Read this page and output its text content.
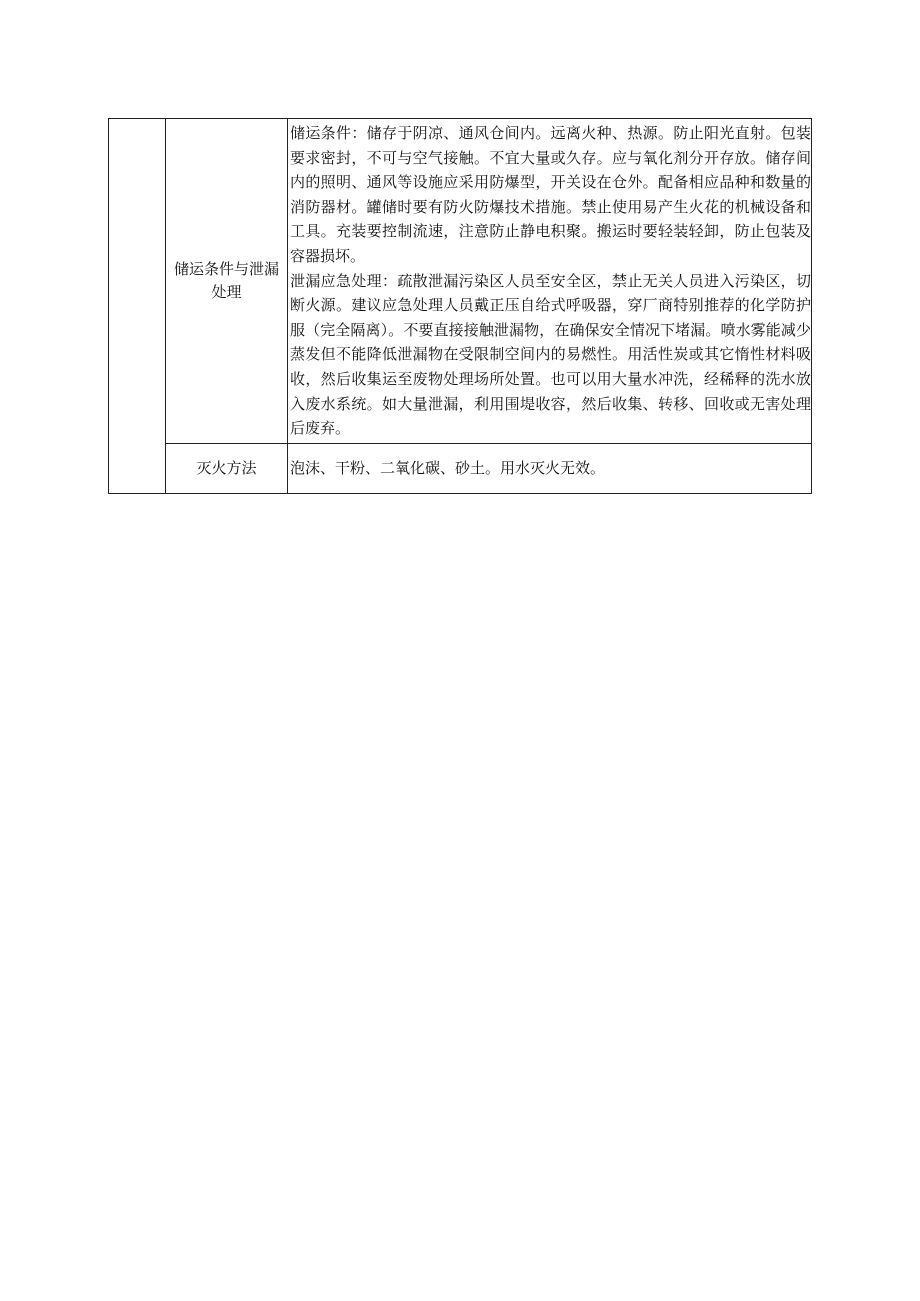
	储运条件与泄漏处理	储运条件：储存于阴凉、通风仓间内。远离火种、热源。防止阳光直射。包装要求密封，不可与空气接触。不宜大量或久存。应与氧化剂分开存放。储存间内的照明、通风等设施应采用防爆型，开关设在仓外。配备相应品种和数量的消防器材。罐储时要有防火防爆技术措施。禁止使用易产生火花的机械设备和工具。充装要控制流速，注意防止静电积聚。搬运时要轻装轻卸，防止包装及容器损坏。
泄漏应急处理：疏散泄漏污染区人员至安全区，禁止无关人员进入污染区，切断火源。建议应急处理人员戴正压自给式呼吸器，穿厂商特别推荐的化学防护服（完全隔离）。不要直接接触泄漏物，在确保安全情况下堵漏。喷水雾能减少蒸发但不能降低泄漏物在受限制空间内的易燃性。用活性炭或其它惰性材料吸收，然后收集运至废物处理场所处置。也可以用大量水冲洗，经稀释的洗水放入废水系统。如大量泄漏，利用围堤收容，然后收集、转移、回收或无害处理后废弃。

	灭火方法	泡沫、干粉、二氧化碳、砂土。用水灭火无效。
